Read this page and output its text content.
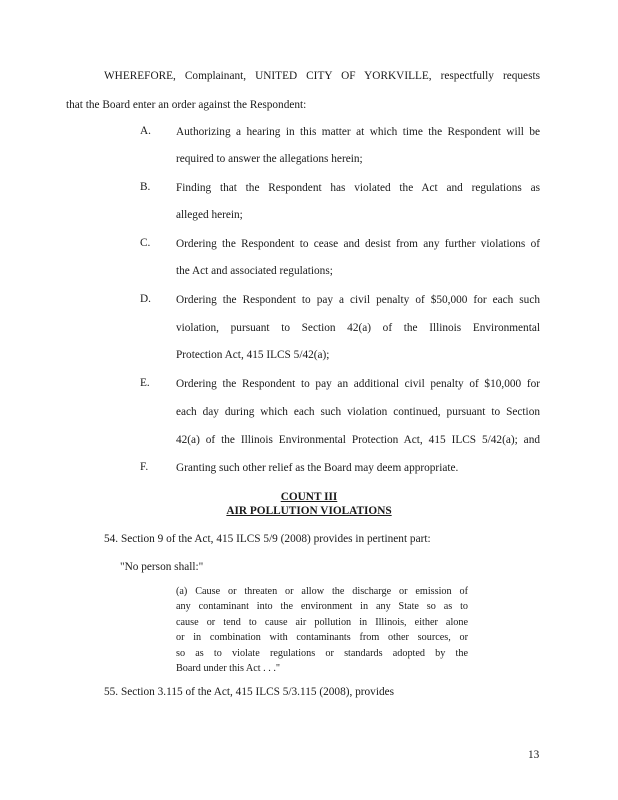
WHEREFORE, Complainant, UNITED CITY OF YORKVILLE, respectfully requests
that the Board enter an order against the Respondent:
A. Authorizing a hearing in this matter at which time the Respondent will be
required to answer the allegations herein;
B. Finding that the Respondent has violated the Act and regulations as
alleged herein;
C. Ordering the Respondent to cease and desist from any further violations of
the Act and associated regulations;
D. Ordering the Respondent to pay a civil penalty of $50,000 for each such
violation, pursuant to Section 42(a) of the Illinois Environmental
Protection Act, 415 ILCS 5/42(a);
E. Ordering the Respondent to pay an additional civil penalty of $10,000 for
each day during which each such violation continued, pursuant to Section
42(a) of the Illinois Environmental Protection Act, 415 ILCS 5/42(a); and
F. Granting such other relief as the Board may deem appropriate.
COUNT III
AIR POLLUTION VIOLATIONS
54. Section 9 of the Act, 415 ILCS 5/9 (2008) provides in pertinent part:
"No person shall:"
(a) Cause or threaten or allow the discharge or emission of
any contaminant into the environment in any State so as to
cause or tend to cause air pollution in Illinois, either alone
or in combination with contaminants from other sources, or
so as to violate regulations or standards adopted by the
Board under this Act . . ."
55. Section 3.115 of the Act, 415 ILCS 5/3.115 (2008), provides
13
